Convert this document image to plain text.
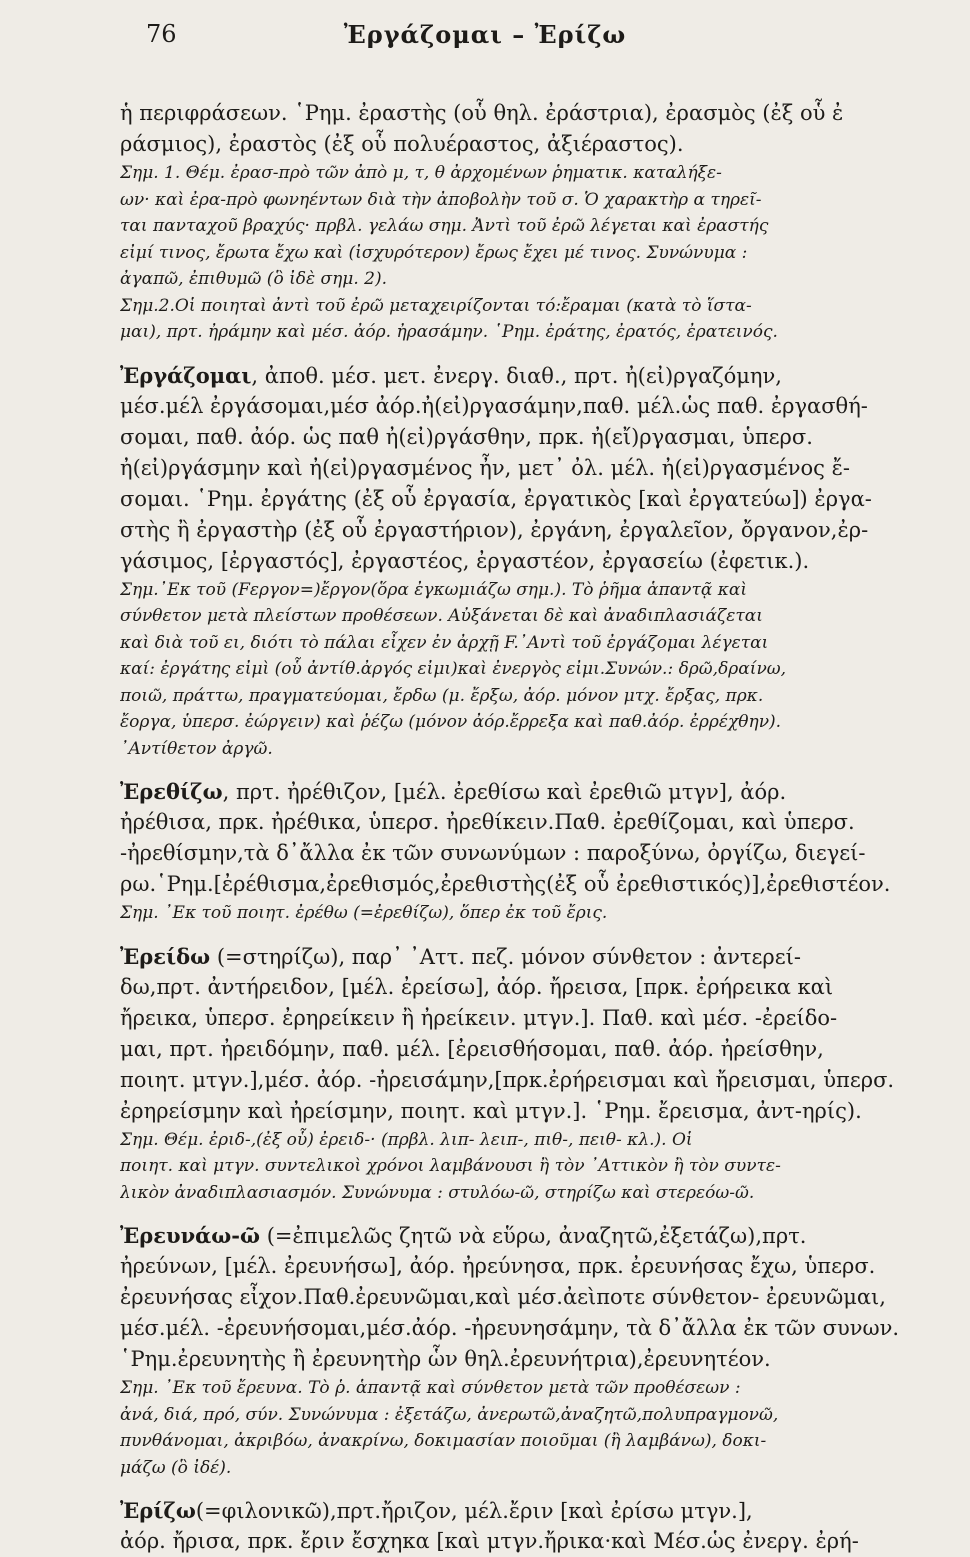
76	Ἐργάζομαι – Ἐρίζω
ἡ περιφράσεων. ῾Ρημ. ἐραστὴς (οὗ θηλ. ἐράστρια), ἐρασμὸς (ἐξ οὗ ἐ
ράσμιος), ἐραστὸς (ἐξ οὗ πολυέραστος, ἀξιέραστος).
Σημ. 1. Θέμ. ἐρασ-πρὸ τῶν ἀπὸ μ, τ, θ ἀρχομένων ῥηματικ. καταλήξε-
ων· καὶ ἐρα-πρὸ φωνηέντων διὰ τὴν ἀποβολὴν τοῦ σ. Ὁ χαρακτὴρ α τηρεῖ-
ται πανταχοῦ βραχύς· πρβλ. γελάω σημ. Ἀντὶ τοῦ ἐρῶ λέγεται καὶ ἐραστής
εἰμί τινος, ἔρωτα ἔχω καὶ (ἰσχυρότερον) ἔρως ἔχει μέ τινος. Συνώνυμα :
ἀγαπῶ, ἐπιθυμῶ (ὃ ἰδὲ σημ. 2).
Σημ.2.Οἱ ποιηταὶ ἀντὶ τοῦ ἐρῶ μεταχειρίζονται τό:ἔραμαι (κατὰ τὸ ἵστα-
μαι), πρτ. ἠράμην καὶ μέσ. ἀόρ. ἠρασάμην. ῾Ρημ. ἐράτης, ἐρατός, ἐρατεινός.
Ἐργάζομαι, ἀποθ. μέσ. μετ. ἐνεργ. διαθ., πρτ. ἠ(εἰ)ργαζόμην,
μέσ.μέλ ἐργάσομαι,μέσ ἀόρ.ἠ(εἰ)ργασάμην,παθ. μέλ.ὡς παθ. ἐργασθή-
σομαι, παθ. ἀόρ. ὡς παθ ἠ(εἰ)ργάσθην, πρκ. ἠ(εἴ)ργασμαι, ὑπερσ.
ἠ(εἰ)ργάσμην καὶ ἠ(εἰ)ργασμένος ἦν, μετ᾽ ὀλ. μέλ. ἠ(εἰ)ργασμένος ἔ-
σομαι. ῾Ρημ. ἐργάτης (ἐξ οὗ ἐργασία, ἐργατικὸς [καὶ ἐργατεύω]) ἐργα-
στὴς ἢ ἐργαστὴρ (ἐξ οὗ ἐργαστήριον), ἐργάνη, ἐργαλεῖον, ὄργανον,ἐρ-
γάσιμος, [ἐργαστός], ἐργαστέος, ἐργαστέον, ἐργασείω (ἐφετικ.).
Σημ.᾽Εκ τοῦ (Fεργον=)ἔργον(ὅρα ἐγκωμιάζω σημ.). Τὸ ῥῆμα ἁπαντᾷ καὶ
σύνθετον μετὰ πλείστων προθέσεων. Αὐξάνεται δὲ καὶ ἀναδιπλασιάζεται
καὶ διὰ τοῦ ει, διότι τὸ πάλαι εἶχεν ἐν ἀρχῇ F.᾽Αντὶ τοῦ ἐργάζομαι λέγεται
καί: ἐργάτης εἰμὶ (οὗ ἀντίθ.ἀργός εἰμι)καὶ ἐνεργὸς εἰμι.Συνών.: δρῶ,δραίνω,
ποιῶ, πράττω, πραγματεύομαι, ἔρδω (μ. ἔρξω, ἀόρ. μόνον μτχ. ἔρξας, πρκ.
ἔοργα, ὑπερσ. ἐώργειν) καὶ ῥέζω (μόνον ἀόρ.ἔρρεξα καὶ παθ.ἀόρ. ἐρρέχθην).
᾽Αντίθετον ἀργῶ.
Ἐρεθίζω, πρτ. ἠρέθιζον, [μέλ. ἐρεθίσω καὶ ἐρεθιῶ μτγν], ἀόρ.
ἠρέθισα, πρκ. ἠρέθικα, ὑπερσ. ἠρεθίκειν.Παθ. ἐρεθίζομαι, καὶ ὑπερσ.
-ἠρεθίσμην,τὰ δ᾽ἄλλα ἐκ τῶν συνωνύμων : παροξύνω, ὀργίζω, διεγεί-
ρω.῾Ρημ.[ἐρέθισμα,ἐρεθισμός,ἐρεθιστὴς(ἐξ οὗ ἐρεθιστικός)],ἐρεθιστέον.
Σημ. ᾽Εκ τοῦ ποιητ. ἐρέθω (=ἐρεθίζω), ὅπερ ἐκ τοῦ ἔρις.
Ἐρείδω (=στηρίζω), παρ᾽ ᾽Αττ. πεζ. μόνον σύνθετον : ἀντερεί-
δω,πρτ. ἀντήρειδον, [μέλ. ἐρείσω], ἀόρ. ἤρεισα, [πρκ. ἐρήρεικα καὶ
ἤρεικα, ὑπερσ. ἐρηρείκειν ἢ ἠρείκειν. μτγν.]. Παθ. καὶ μέσ. -ἐρείδο-
μαι, πρτ. ἠρειδόμην, παθ. μέλ. [ἐρεισθήσομαι, παθ. ἀόρ. ἠρείσθην,
ποιητ. μτγν.],μέσ. ἀόρ. -ἠρεισάμην,[πρκ.ἐρήρεισμαι καὶ ἤρεισμαι, ὑπερσ.
ἐρηρείσμην καὶ ἠρείσμην, ποιητ. καὶ μτγν.]. ῾Ρημ. ἔρεισμα, ἀντ-ηρίς).
Σημ. Θέμ. ἐριδ-,(ἐξ οὗ) ἐρειδ-· (πρβλ. λιπ- λειπ-, πιθ-, πειθ- κλ.). Οἱ
ποιητ. καὶ μτγν. συντελικοὶ χρόνοι λαμβάνουσι ἢ τὸν ᾽Αττικὸν ἢ τὸν συντε-
λικὸν ἀναδιπλασιασμόν. Συνώνυμα : στυλόω-ῶ, στηρίζω καὶ στερεόω-ῶ.
Ἐρευνάω-ῶ (=ἐπιμελῶς ζητῶ νὰ εὕρω, ἀναζητῶ,ἐξετάζω),πρτ.
ἠρεύνων, [μέλ. ἐρευνήσω], ἀόρ. ἠρεύνησα, πρκ. ἐρευνήσας ἔχω, ὑπερσ.
ἐρευνήσας εἶχον.Παθ.ἐρευνῶμαι,καὶ μέσ.ἀεὶποτε σύνθετον- ἐρευνῶμαι,
μέσ.μέλ. -ἐρευνήσομαι,μέσ.ἀόρ. -ἠρευνησάμην, τὰ δ᾽ἄλλα ἐκ τῶν συνων.
῾Ρημ.ἐρευνητὴς ἢ ἐρευνητὴρ ὧν θηλ.ἐρευνήτρια),ἐρευνητέον.
Σημ. ᾽Εκ τοῦ ἔρευνα. Τὸ ῥ. ἁπαντᾷ καὶ σύνθετον μετὰ τῶν προθέσεων :
ἀνά, διά, πρό, σύν. Συνώνυμα : ἐξετάζω, ἀνερωτῶ,ἀναζητῶ,πολυπραγμονῶ,
πυνθάνομαι, ἀκριβόω, ἀνακρίνω, δοκιμασίαν ποιοῦμαι (ἢ λαμβάνω), δοκι-
μάζω (ὃ ἰδέ).
Ἐρίζω(=φιλονικῶ),πρτ.ἤριζον, μέλ.ἔριν [καὶ ἐρίσω μτγν.],
ἀόρ. ἤρισα, πρκ. ἔριν ἔσχηκα [καὶ μτγν.ἤρικα·καὶ Μέσ.ὡς ἐνεργ. ἐρή-
